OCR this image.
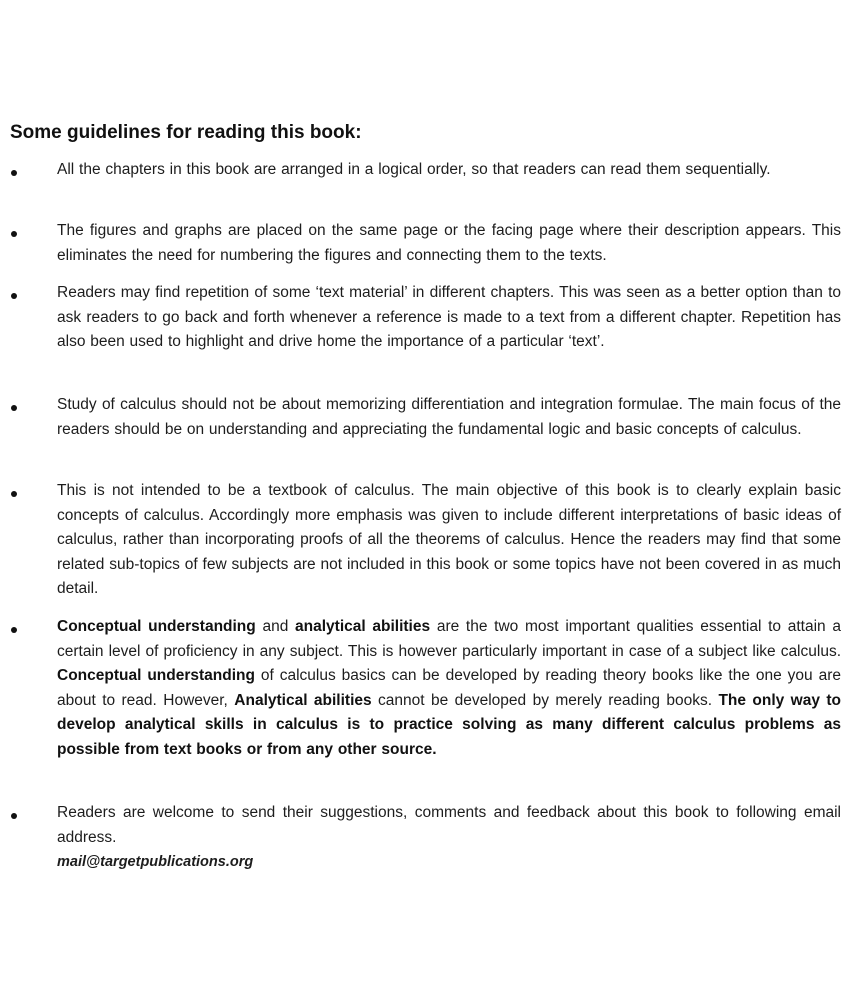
Some guidelines for reading this book:

All the chapters in this book are arranged in a logical order, so that readers can read them sequentially.

The figures and graphs are placed on the same page or the facing page where their description appears. This eliminates the need for numbering the figures and connecting them to the texts.

Readers may find repetition of some ‘text material’ in different chapters. This was seen as a better option than to ask readers to go back and forth whenever a reference is made to a text from a different chapter. Repetition has also been used to highlight and drive home the importance of a particular ‘text’.

Study of calculus should not be about memorizing differentiation and integration formulae. The main focus of the readers should be on understanding and appreciating the fundamental logic and basic concepts of calculus.

This is not intended to be a textbook of calculus. The main objective of this book is to clearly explain basic concepts of calculus. Accordingly more emphasis was given to include different interpretations of basic ideas of calculus, rather than incorporating proofs of all the theorems of calculus. Hence the readers may find that some related sub-topics of few subjects are not included in this book or some topics have not been covered in as much detail.

Conceptual understanding and analytical abilities are the two most important qualities essential to attain a certain level of proficiency in any subject. This is however particularly important in case of a subject like calculus. Conceptual understanding of calculus basics can be developed by reading theory books like the one you are about to read. However, Analytical abilities cannot be developed by merely reading books. The only way to develop analytical skills in calculus is to practice solving as many different calculus problems as possible from text books or from any other source.

Readers are welcome to send their suggestions, comments and feedback about this book to following email address.
mail@targetpublications.org
